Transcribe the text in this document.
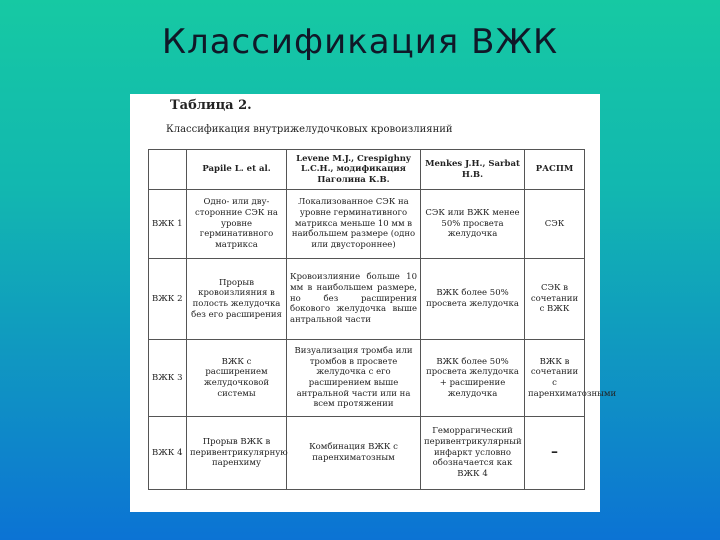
Классификация ВЖК
Таблица 2.
Классификация внутрижелудочковых кровоизлияний
	Papile L. et al.	Levene M.J., Crespighny L.C.H., модификация Паголина К.В.	Menkes J.H., Sarbat H.B.	РАСПМ
ВЖК 1	Одно- или дву-сторонние СЭК на уровне герминативного матрикса	Локализованное СЭК на уровне герминативного матрикса меньше 10 мм в наибольшем размере (одно или двустороннее)	СЭК или ВЖК менее 50% просвета желудочка	СЭК
ВЖК 2	Прорыв кровоизлияния в полость желудочка без его расширения	Кровоизлияние больше 10 мм в наибольшем размере, но без расширения бокового желудочка выше антральной части	ВЖК более 50% просвета желудочка	СЭК в сочетании с ВЖК
ВЖК 3	ВЖК с расширением желудочковой системы	Визуализация тромба или тромбов в просвете желудочка с его расширением выше антральной части или на всем протяжении	ВЖК более 50% просвета желудочка + расширение желудочка	ВЖК в сочетании с паренхиматозными
ВЖК 4	Прорыв ВЖК в перивентрикулярную паренхиму	Комбинация ВЖК с паренхиматозным	Геморрагический перивентрикулярный инфаркт условно обозначается как ВЖК 4	–
